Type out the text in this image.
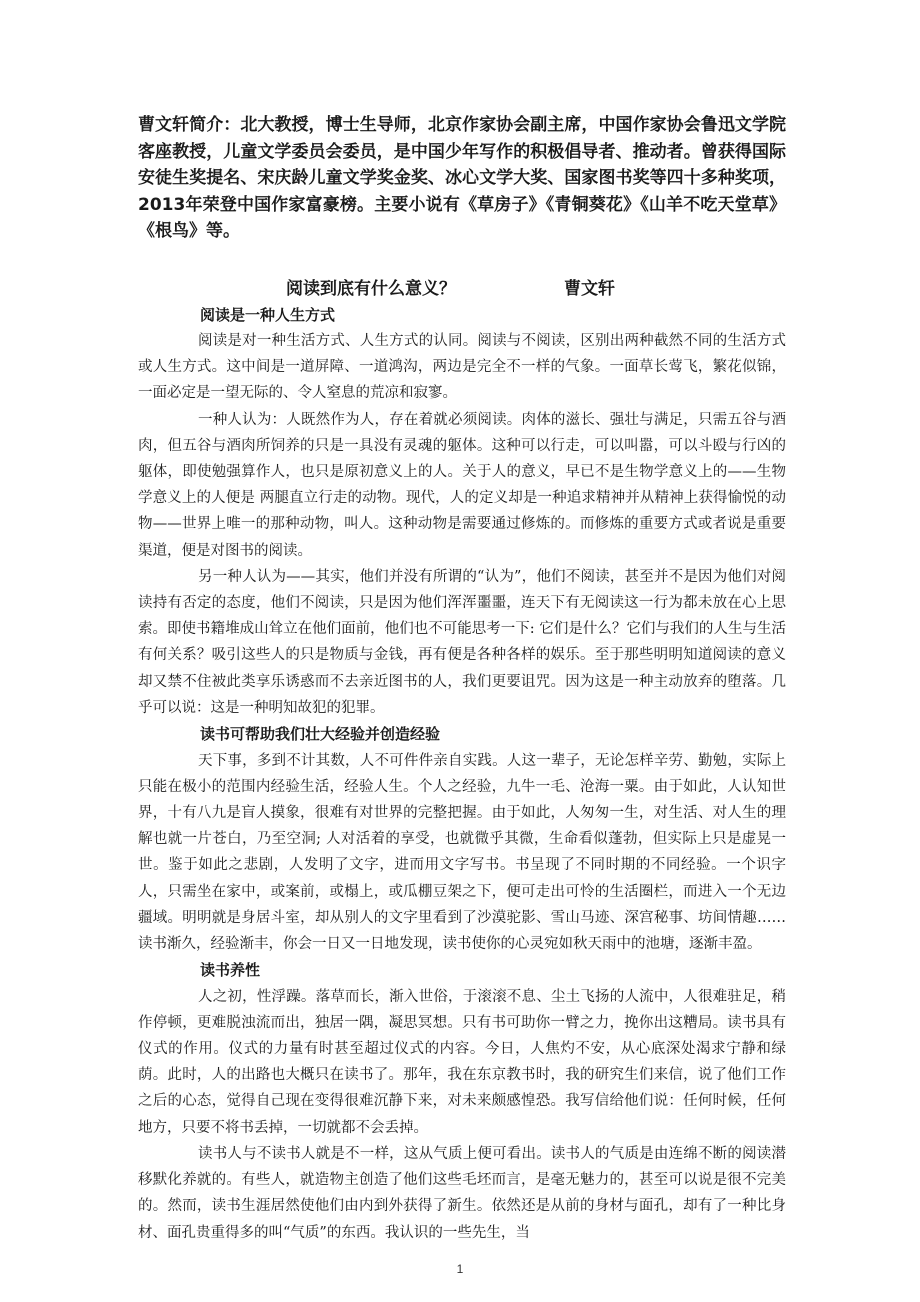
曹文轩简介：北大教授，博士生导师，北京作家协会副主席，中国作家协会鲁迅文学院客座教授，儿童文学委员会委员，是中国少年写作的积极倡导者、推动者。曾获得国际安徒生奖提名、宋庆龄儿童文学奖金奖、冰心文学大奖、国家图书奖等四十多种奖项，2013年荣登中国作家富豪榜。主要小说有《草房子》《青铜葵花》《山羊不吃天堂草》《根鸟》等。

阅读到底有什么意义？	曹文轩

阅读是一种人生方式

阅读是对一种生活方式、人生方式的认同。阅读与不阅读，区别出两种截然不同的生活方式或人生方式。这中间是一道屏障、一道鸿沟，两边是完全不一样的气象。一面草长莺飞，繁花似锦，一面必定是一望无际的、令人窒息的荒凉和寂寥。

一种人认为：人既然作为人，存在着就必须阅读。肉体的滋长、强壮与满足，只需五谷与酒肉，但五谷与酒肉所饲养的只是一具没有灵魂的躯体。这种可以行走，可以叫嚣，可以斗殴与行凶的躯体，即使勉强算作人，也只是原初意义上的人。关于人的意义，早已不是生物学意义上的——生物学意义上的人便是 两腿直立行走的动物。现代，人的定义却是一种追求精神并从精神上获得愉悦的动物——世界上唯一的那种动物，叫人。这种动物是需要通过修炼的。而修炼的重要方式或者说是重要渠道，便是对图书的阅读。

另一种人认为——其实，他们并没有所谓的“认为”，他们不阅读，甚至并不是因为他们对阅读持有否定的态度，他们不阅读，只是因为他们浑浑噩噩，连天下有无阅读这一行为都未放在心上思索。即使书籍堆成山耸立在他们面前，他们也不可能思考一下: 它们是什么？它们与我们的人生与生活有何关系？吸引这些人的只是物质与金钱，再有便是各种各样的娱乐。至于那些明明知道阅读的意义却又禁不住被此类享乐诱惑而不去亲近图书的人，我们更要诅咒。因为这是一种主动放弃的堕落。几乎可以说：这是一种明知故犯的犯罪。

读书可帮助我们壮大经验并创造经验

天下事，多到不计其数，人不可件件亲自实践。人这一辈子，无论怎样辛劳、勤勉，实际上只能在极小的范围内经验生活，经验人生。个人之经验，九牛一毛、沧海一粟。由于如此，人认知世界，十有八九是盲人摸象，很难有对世界的完整把握。由于如此，人匆匆一生，对生活、对人生的理解也就一片苍白，乃至空洞; 人对活着的享受，也就微乎其微，生命看似蓬勃，但实际上只是虚晃一世。鉴于如此之悲剧，人发明了文字，进而用文字写书。书呈现了不同时期的不同经验。一个识字人，只需坐在家中，或案前，或榻上，或瓜棚豆架之下，便可走出可怜的生活圈栏，而进入一个无边疆域。明明就是身居斗室，却从别人的文字里看到了沙漠驼影、雪山马迹、深宫秘事、坊间情趣……读书渐久，经验渐丰，你会一日又一日地发现，读书使你的心灵宛如秋天雨中的池塘，逐渐丰盈。

读书养性

人之初，性浮躁。落草而长，渐入世俗，于滚滚不息、尘土飞扬的人流中，人很难驻足，稍作停顿，更难脱浊流而出，独居一隅，凝思冥想。只有书可助你一臂之力，挽你出这糟局。读书具有仪式的作用。仪式的力量有时甚至超过仪式的内容。今日，人焦灼不安，从心底深处渴求宁静和绿荫。此时，人的出路也大概只在读书了。那年，我在东京教书时，我的研究生们来信，说了他们工作之后的心态，觉得自己现在变得很难沉静下来，对未来颇感惶恐。我写信给他们说：任何时候，任何地方，只要不将书丢掉，一切就都不会丢掉。

读书人与不读书人就是不一样，这从气质上便可看出。读书人的气质是由连绵不断的阅读潜移默化养就的。有些人，就造物主创造了他们这些毛坯而言，是毫无魅力的，甚至可以说是很不完美的。然而，读书生涯居然使他们由内到外获得了新生。依然还是从前的身材与面孔，却有了一种比身材、面孔贵重得多的叫“气质”的东西。我认识的一些先生，当

1
